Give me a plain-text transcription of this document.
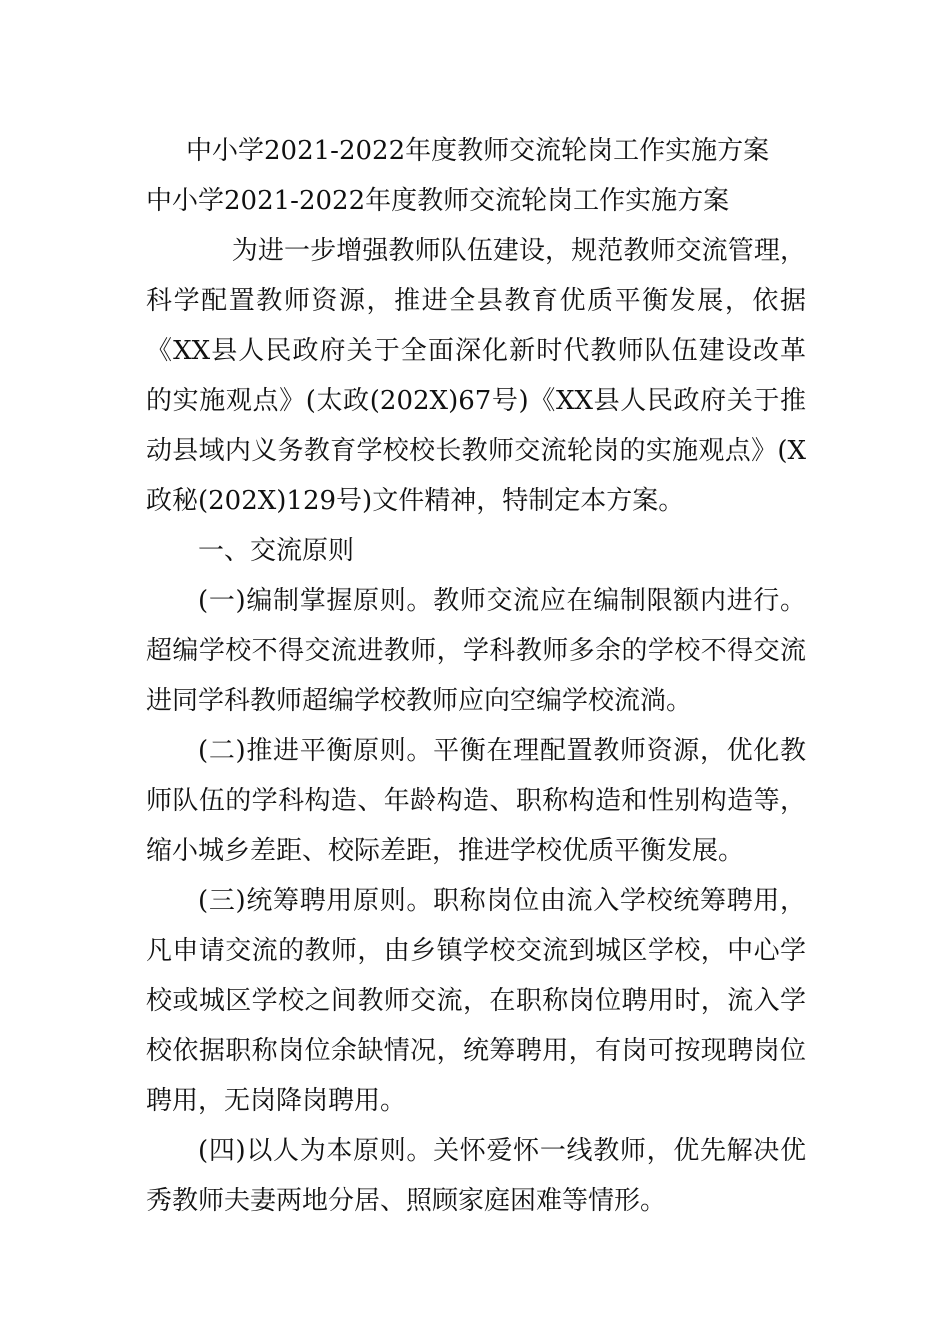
中小学2021-2022年度教师交流轮岗工作实施方案
中小学2021-2022年度教师交流轮岗工作实施方案

为进一步增强教师队伍建设，规范教师交流管理，科学配置教师资源，推进全县教育优质平衡发展，依据《XX县人民政府关于全面深化新时代教师队伍建设改革的实施观点》(太政(202X)67号)《XX县人民政府关于推动县域内义务教育学校校长教师交流轮岗的实施观点》(X政秘(202X)129号)文件精神，特制定本方案。

一、交流原则

(一)编制掌握原则。教师交流应在编制限额内进行。超编学校不得交流进教师，学科教师多余的学校不得交流进同学科教师超编学校教师应向空编学校流淌。

(二)推进平衡原则。平衡在理配置教师资源，优化教师队伍的学科构造、年龄构造、职称构造和性别构造等，缩小城乡差距、校际差距，推进学校优质平衡发展。

(三)统筹聘用原则。职称岗位由流入学校统筹聘用，凡申请交流的教师，由乡镇学校交流到城区学校，中心学校或城区学校之间教师交流，在职称岗位聘用时，流入学校依据职称岗位余缺情况，统筹聘用，有岗可按现聘岗位聘用，无岗降岗聘用。

(四)以人为本原则。关怀爱怀一线教师，优先解决优秀教师夫妻两地分居、照顾家庭困难等情形。
